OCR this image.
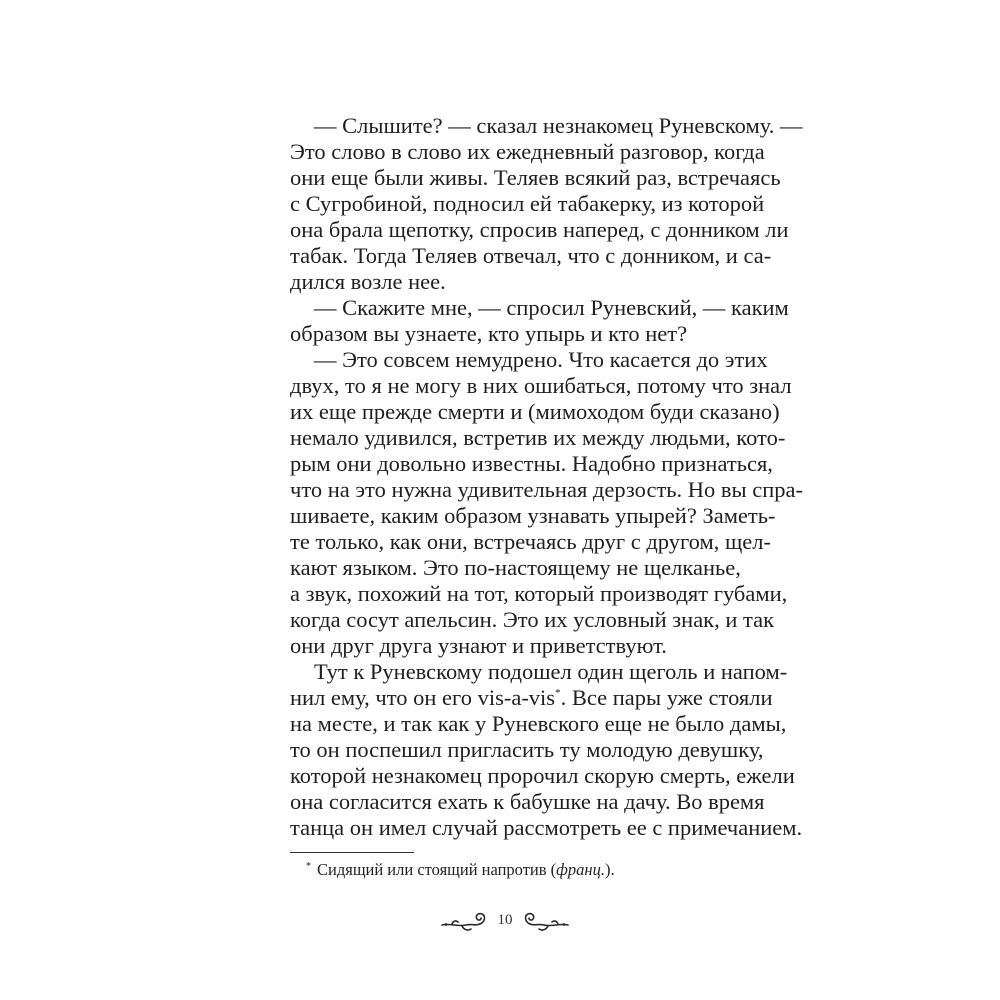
— Слышите? — сказал незнакомец Руневскому. —
Это слово в слово их ежедневный разговор, когда
они еще были живы. Теляев всякий раз, встречаясь
с Сугробиной, подносил ей табакерку, из которой
она брала щепотку, спросив наперед, с донником ли
табак. Тогда Теляев отвечал, что с донником, и са-
дился возле нее.
— Скажите мне, — спросил Руневский, — каким
образом вы узнаете, кто упырь и кто нет?
— Это совсем немудрено. Что касается до этих
двух, то я не могу в них ошибаться, потому что знал
их еще прежде смерти и (мимоходом буди сказано)
немало удивился, встретив их между людьми, кото-
рым они довольно известны. Надобно признаться,
что на это нужна удивительная дерзость. Но вы спра-
шиваете, каким образом узнавать упырей? Заметь-
те только, как они, встречаясь друг с другом, щел-
кают языком. Это по-настоящему не щелканье,
а звук, похожий на тот, который производят губами,
когда сосут апельсин. Это их условный знак, и так
они друг друга узнают и приветствуют.
Тут к Руневскому подошел один щеголь и напом-
нил ему, что он его vis-a-vis*. Все пары уже стояли
на месте, и так как у Руневского еще не было дамы,
то он поспешил пригласить ту молодую девушку,
которой незнакомец пророчил скорую смерть, ежели
она согласится ехать к бабушке на дачу. Во время
танца он имел случай рассмотреть ее с примечанием.
* Сидящий или стоящий напротив (франц.).
10
